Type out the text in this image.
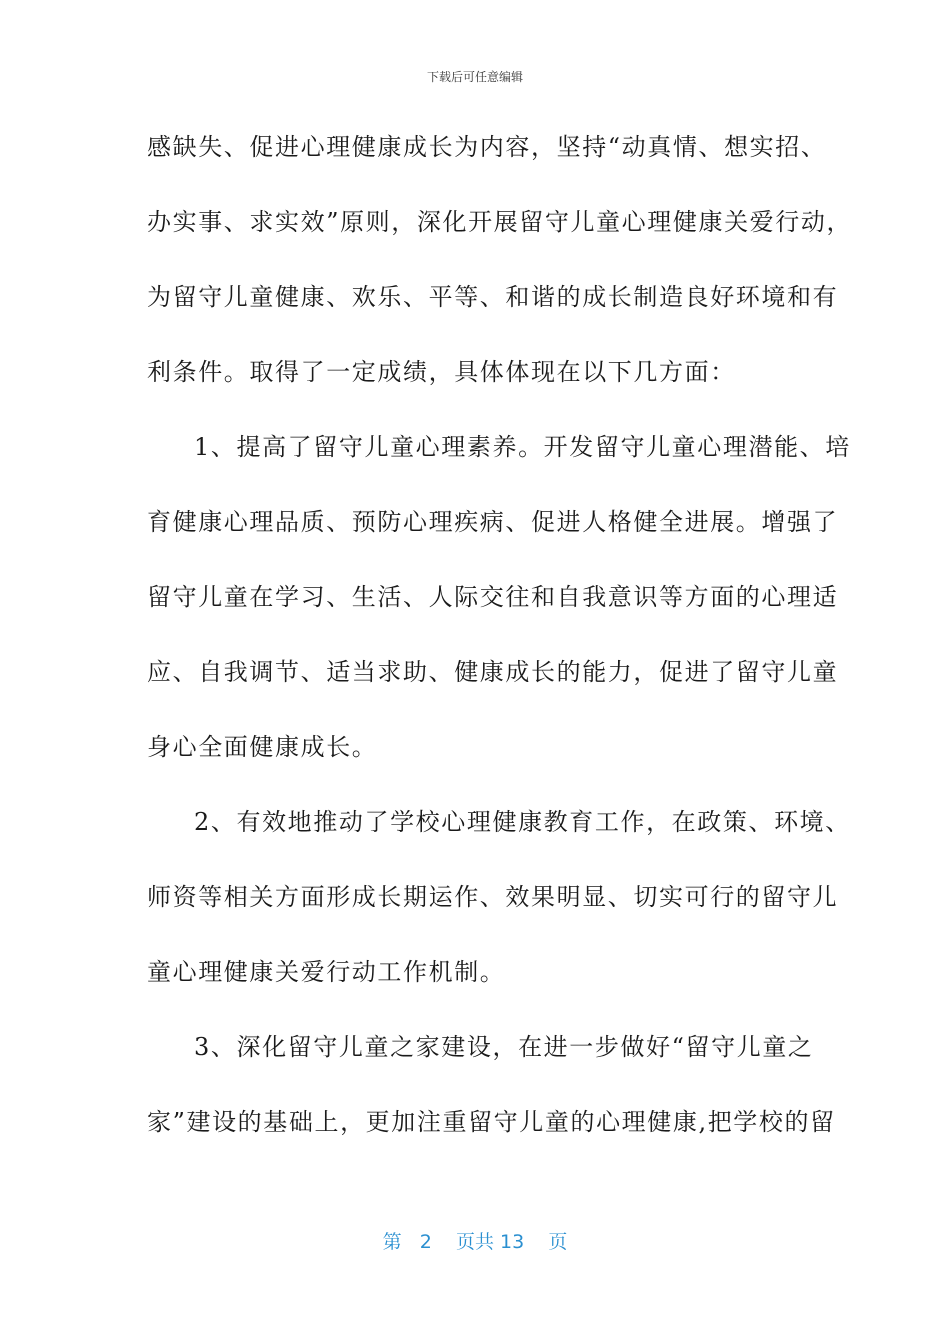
下载后可任意编辑
感缺失、促进心理健康成长为内容，坚持“动真情、想实招、
办实事、求实效”原则，深化开展留守儿童心理健康关爱行动，
为留守儿童健康、欢乐、平等、和谐的成长制造良好环境和有
利条件。取得了一定成绩，具体体现在以下几方面：
1、提高了留守儿童心理素养。开发留守儿童心理潜能、培
育健康心理品质、预防心理疾病、促进人格健全进展。增强了
留守儿童在学习、生活、人际交往和自我意识等方面的心理适
应、自我调节、适当求助、健康成长的能力，促进了留守儿童
身心全面健康成长。
2、有效地推动了学校心理健康教育工作，在政策、环境、
师资等相关方面形成长期运作、效果明显、切实可行的留守儿
童心理健康关爱行动工作机制。
3、深化留守儿童之家建设，在进一步做好“留守儿童之
家”建设的基础上，更加注重留守儿童的心理健康,把学校的留
第 2 页共 13 页
